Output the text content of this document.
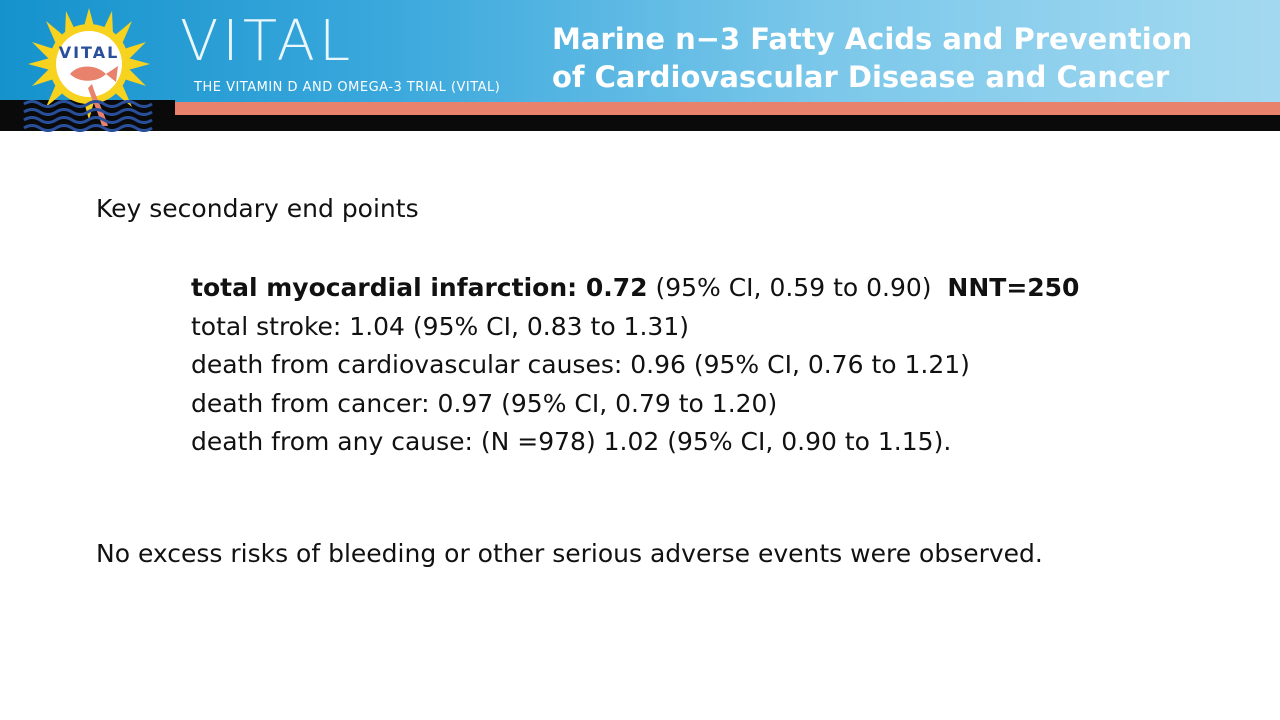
VITAL VITAL
THE VITAMIN D AND OMEGA-3 TRIAL (VITAL)
Marine n−3 Fatty Acids and Prevention
of Cardiovascular Disease and Cancer
Key secondary end points
total myocardial infarction: 0.72 (95% CI, 0.59 to 0.90)  NNT=250
total stroke: 1.04 (95% CI, 0.83 to 1.31)
death from cardiovascular causes: 0.96 (95% CI, 0.76 to 1.21)
death from cancer: 0.97 (95% CI, 0.79 to 1.20)
death from any cause: (N =978) 1.02 (95% CI, 0.90 to 1.15).
No excess risks of bleeding or other serious adverse events were observed.
